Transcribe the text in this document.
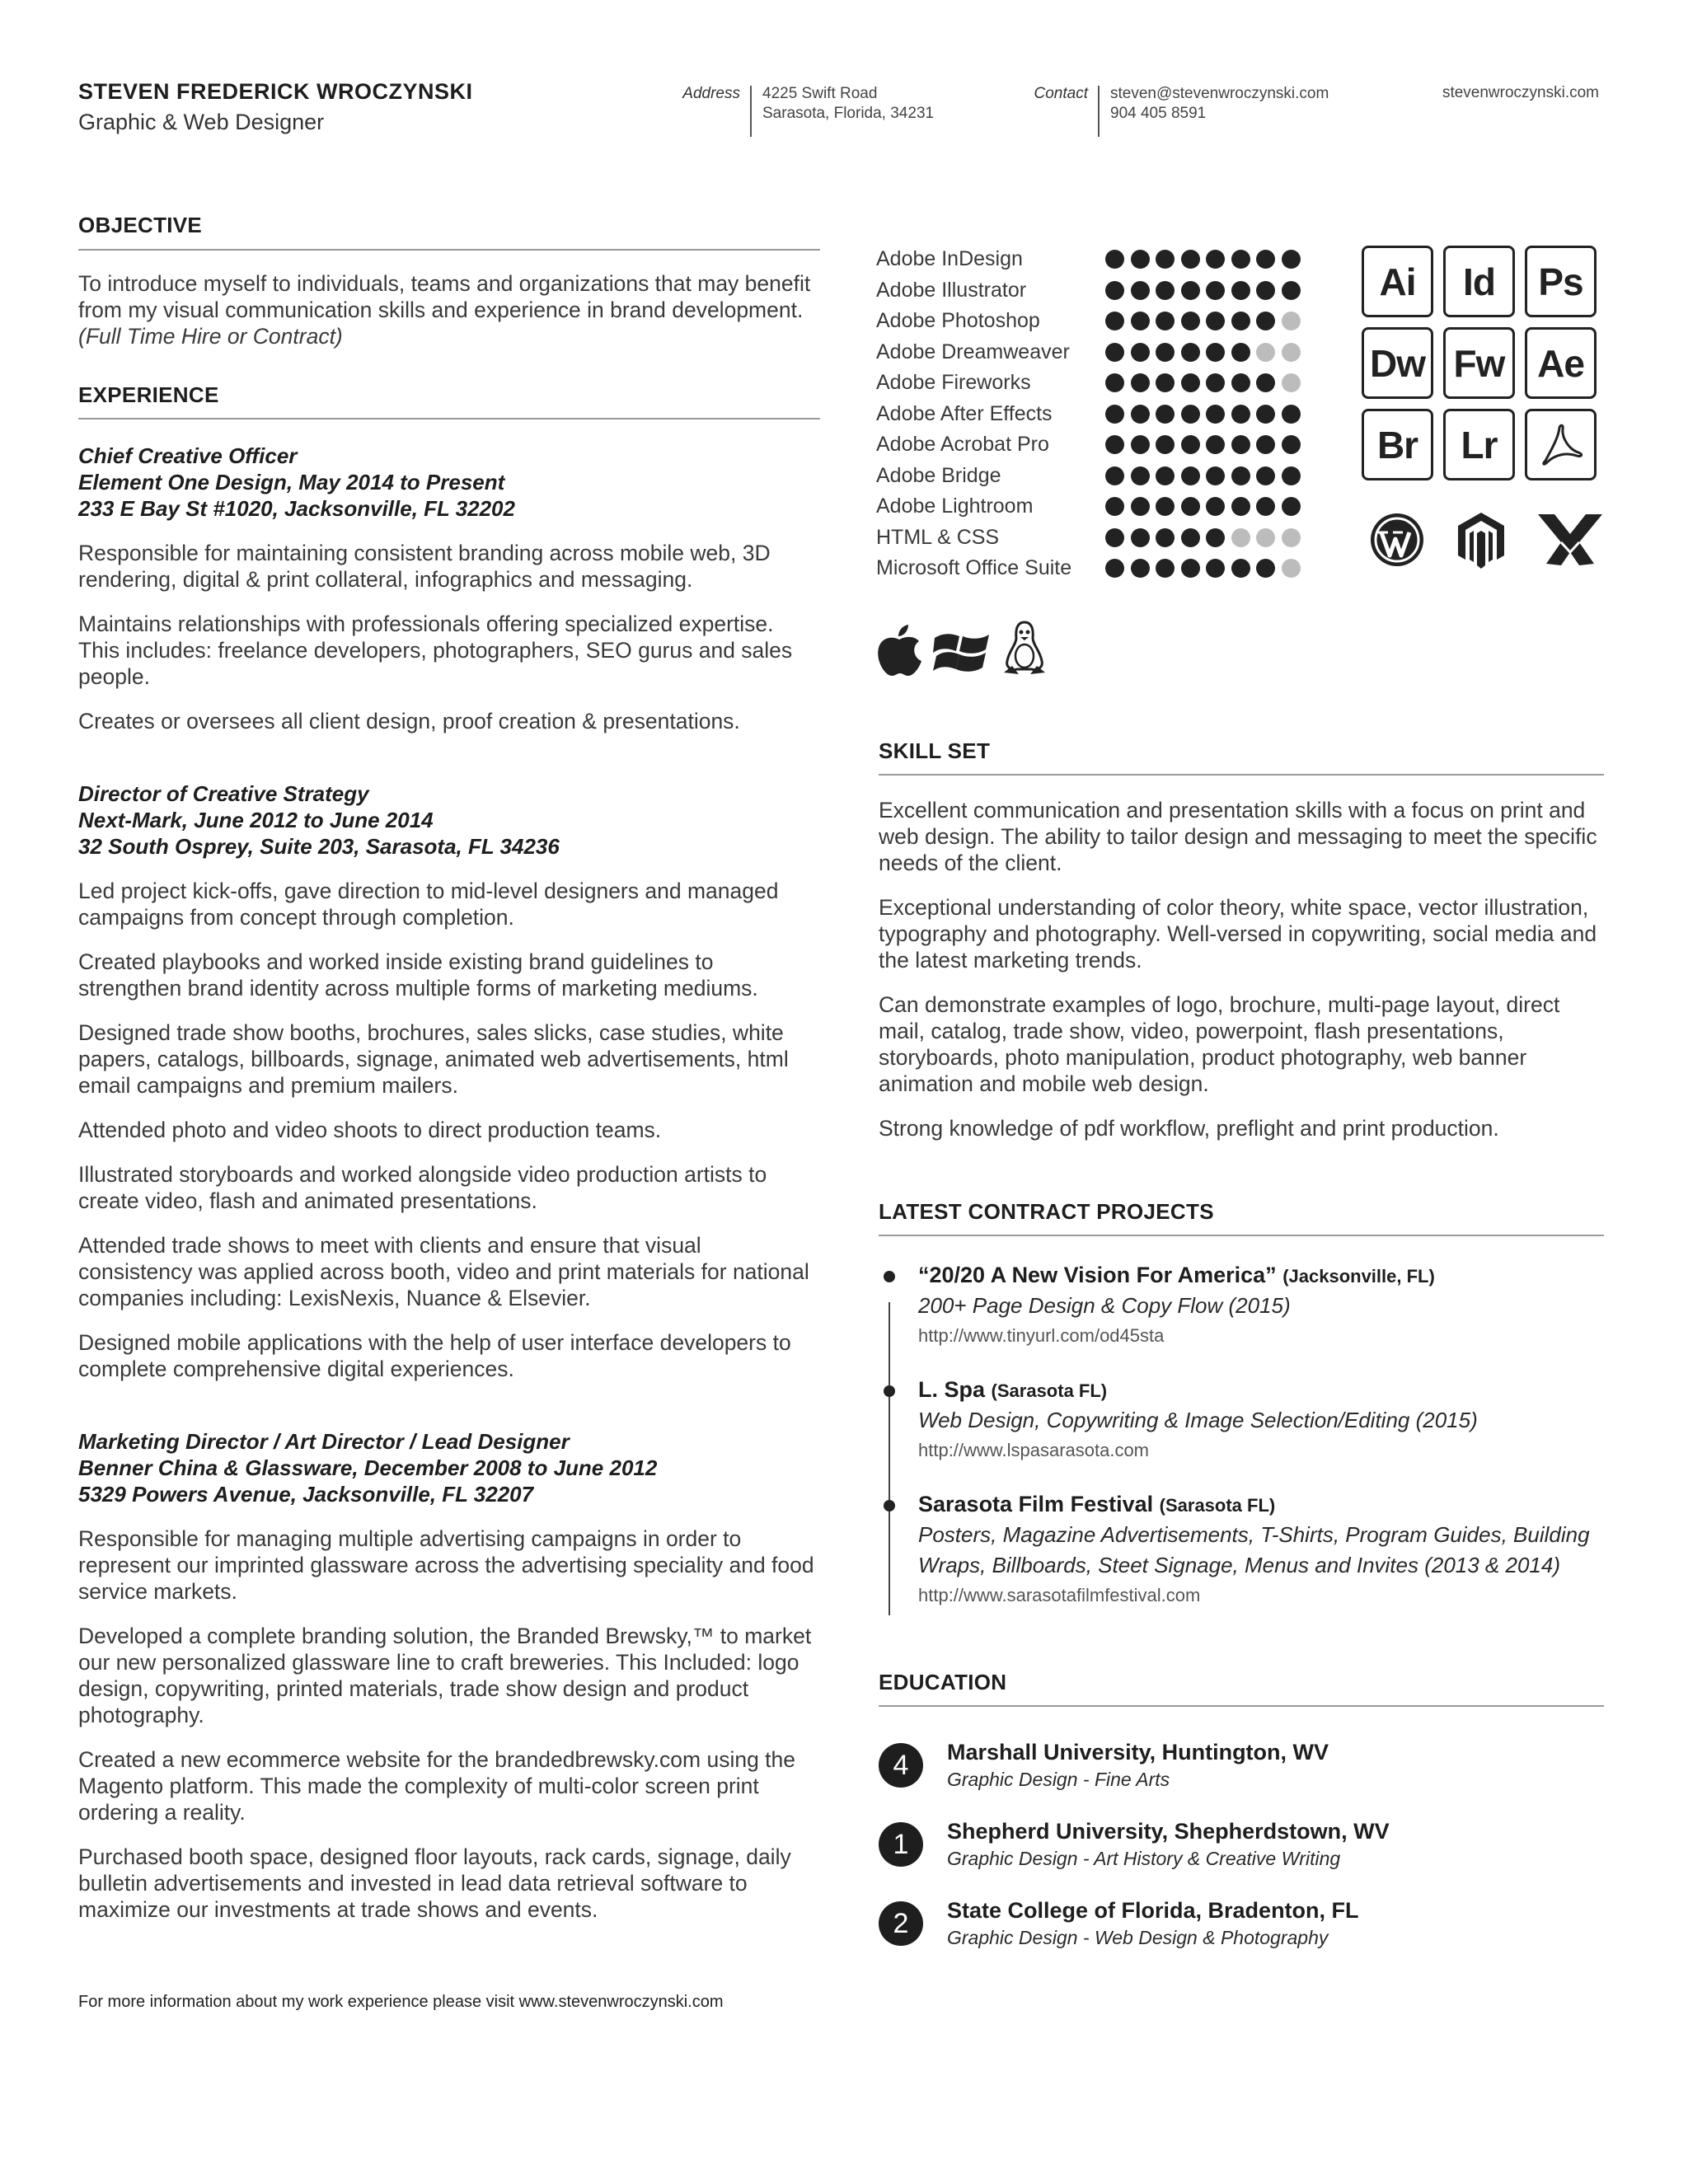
STEVEN FREDERICK WROCZYNSKI
Graphic & Web Designer
Address 4225 Swift Road
Sarasota, Florida, 34231
Contact steven@stevenwroczynski.com
904 405 8591
stevenwroczynski.com
OBJECTIVE

To introduce myself to individuals, teams and organizations that may benefit from my visual communication skills and experience in brand development. (Full Time Hire or Contract)

EXPERIENCE
Chief Creative Officer
Element One Design, May 2014 to Present
233 E Bay St #1020, Jacksonville, FL 32202

Responsible for maintaining consistent branding across mobile web, 3D rendering, digital & print collateral, infographics and messaging.

Maintains relationships with professionals offering specialized expertise. This includes: freelance developers, photographers, SEO gurus and sales people.

Creates or oversees all client design, proof creation & presentations.

Director of Creative Strategy
Next-Mark, June 2012 to June 2014
32 South Osprey, Suite 203, Sarasota, FL 34236

Led project kick-offs, gave direction to mid-level designers and managed campaigns from concept through completion.

Created playbooks and worked inside existing brand guidelines to strengthen brand identity across multiple forms of marketing mediums.

Designed trade show booths, brochures, sales slicks, case studies, white papers, catalogs, billboards, signage, animated web advertisements, html email campaigns and premium mailers.

Attended photo and video shoots to direct production teams.

Illustrated storyboards and worked alongside video production artists to create video, flash and animated presentations.

Attended trade shows to meet with clients and ensure that visual consistency was applied across booth, video and print materials for national companies including: LexisNexis, Nuance & Elsevier.

Designed mobile applications with the help of user interface developers to complete comprehensive digital experiences.

Marketing Director / Art Director / Lead Designer
Benner China & Glassware, December 2008 to June 2012
5329 Powers Avenue, Jacksonville, FL 32207

Responsible for managing multiple advertising campaigns in order to represent our imprinted glassware across the advertising speciality and food service markets.

Developed a complete branding solution, the Branded Brewsky,™ to market our new personalized glassware line to craft breweries. This Included: logo design, copywriting, printed materials, trade show design and product photography.

Created a new ecommerce website for the brandedbrewsky.com using the Magento platform. This made the complexity of multi-color screen print ordering a reality.

Purchased booth space, designed floor layouts, rack cards, signage, daily bulletin advertisements and invested in lead data retrieval software to maximize our investments at trade shows and events.

For more information about my work experience please visit www.stevenwroczynski.com
Adobe InDesign
Adobe Illustrator
Adobe Photoshop
Adobe Dreamweaver
Adobe Fireworks
Adobe After Effects
Adobe Acrobat Pro
Adobe Bridge
Adobe Lightroom
HTML & CSS
Microsoft Office Suite
Ai	Id	Ps
Dw Fw Ae
Br	Lr
SKILL SET

Excellent communication and presentation skills with a focus on print and web design. The ability to tailor design and messaging to meet the specific needs of the client.

Exceptional understanding of color theory, white space, vector illustration, typography and photography. Well-versed in copywriting, social media and the latest marketing trends.

Can demonstrate examples of logo, brochure, multi-page layout, direct mail, catalog, trade show, video, powerpoint, flash presentations, storyboards, photo manipulation, product photography, web banner animation and mobile web design.

Strong knowledge of pdf workflow, preflight and print production.

LATEST CONTRACT PROJECTS
“20/20 A New Vision For America” (Jacksonville, FL)
200+ Page Design & Copy Flow (2015)
http://www.tinyurl.com/od45sta
L. Spa (Sarasota FL)
Web Design, Copywriting & Image Selection/Editing (2015)
http://www.lspasarasota.com
Sarasota Film Festival (Sarasota FL)
Posters, Magazine Advertisements, T-Shirts, Program Guides, Building Wraps, Billboards, Steet Signage, Menus and Invites (2013 & 2014)
http://www.sarasotafilmfestival.com
EDUCATION
4	Marshall University, Huntington, WV
Graphic Design - Fine Arts
1	Shepherd University, Shepherdstown, WV
Graphic Design - Art History & Creative Writing
2	State College of Florida, Bradenton, FL
Graphic Design - Web Design & Photography
